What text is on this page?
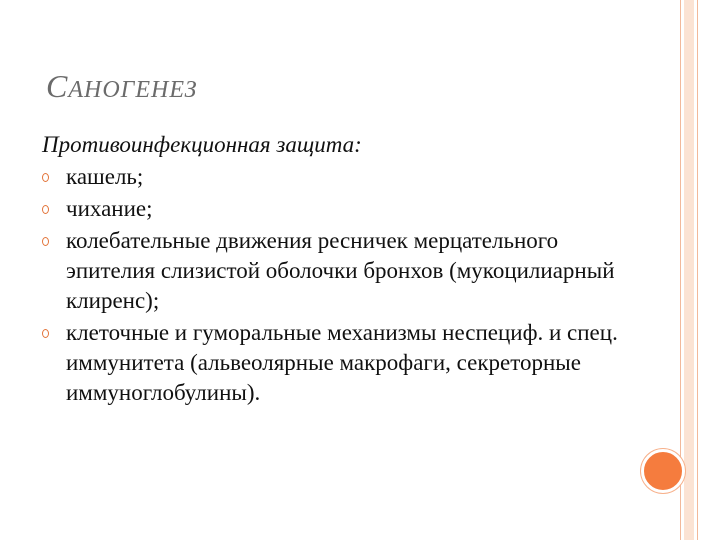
САНОГЕНЕЗ
Противоинфекционная защита:
кашель;
чихание;
колебательные движения ресничек мерцательного эпителия слизистой оболочки бронхов (мукоцилиарный клиренс);
клеточные и гуморальные механизмы неспециф. и спец. иммунитета (альвеолярные макрофаги, секреторные иммуноглобулины).
